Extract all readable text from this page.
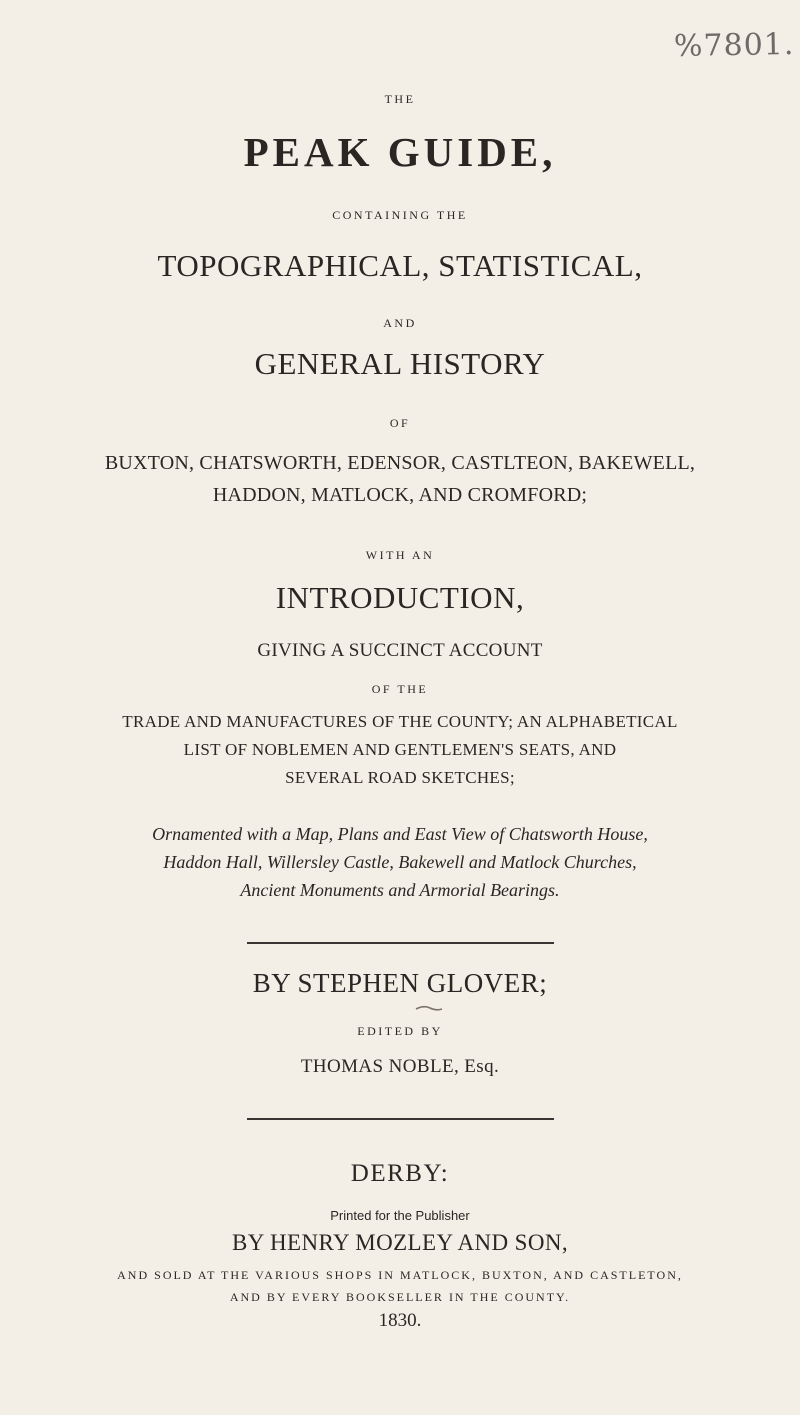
%7801.
THE
PEAK GUIDE,
CONTAINING THE
TOPOGRAPHICAL, STATISTICAL,
AND
GENERAL HISTORY
OF
BUXTON, CHATSWORTH, EDENSOR, CASTLTEON, BAKEWELL,
HADDON, MATLOCK, AND CROMFORD;
WITH AN
INTRODUCTION,
GIVING A SUCCINCT ACCOUNT
OF THE
TRADE AND MANUFACTURES OF THE COUNTY; AN ALPHABETICAL
LIST OF NOBLEMEN AND GENTLEMEN'S SEATS, AND
SEVERAL ROAD SKETCHES;
Ornamented with a Map, Plans and East View of Chatsworth House,
Haddon Hall, Willersley Castle, Bakewell and Matlock Churches,
Ancient Monuments and Armorial Bearings.
BY STEPHEN GLOVER;
EDITED BY
THOMAS NOBLE, Esq.
DERBY:
Printed for the Publisher
BY HENRY MOZLEY AND SON,
AND SOLD AT THE VARIOUS SHOPS IN MATLOCK, BUXTON, AND CASTLETON,
AND BY EVERY BOOKSELLER IN THE COUNTY.
1830.
